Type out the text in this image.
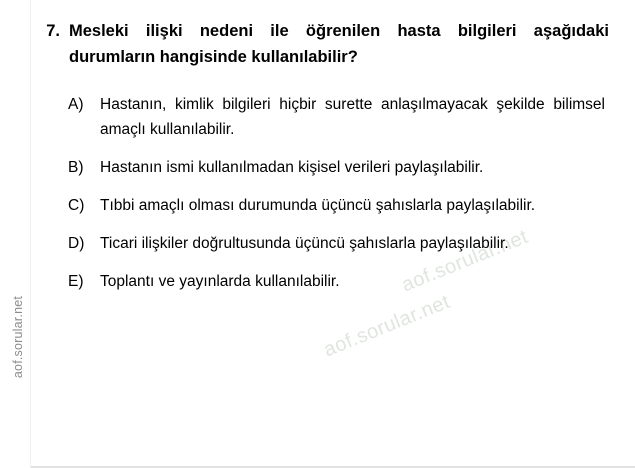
aof.sorular.net
aof.sorular.net
aof.sorular.net
7. Mesleki ilişki nedeni ile öğrenilen hasta bilgileri aşağıdaki durumların hangisinde kullanılabilir?
A)	Hastanın, kimlik bilgileri hiçbir surette anlaşılmayacak şekilde bilimsel amaçlı kullanılabilir.
B)	Hastanın ismi kullanılmadan kişisel verileri paylaşılabilir.
C)	Tıbbi amaçlı olması durumunda üçüncü şahıslarla paylaşılabilir.
D)	Ticari ilişkiler doğrultusunda üçüncü şahıslarla paylaşılabilir.
E)	Toplantı ve yayınlarda kullanılabilir.
